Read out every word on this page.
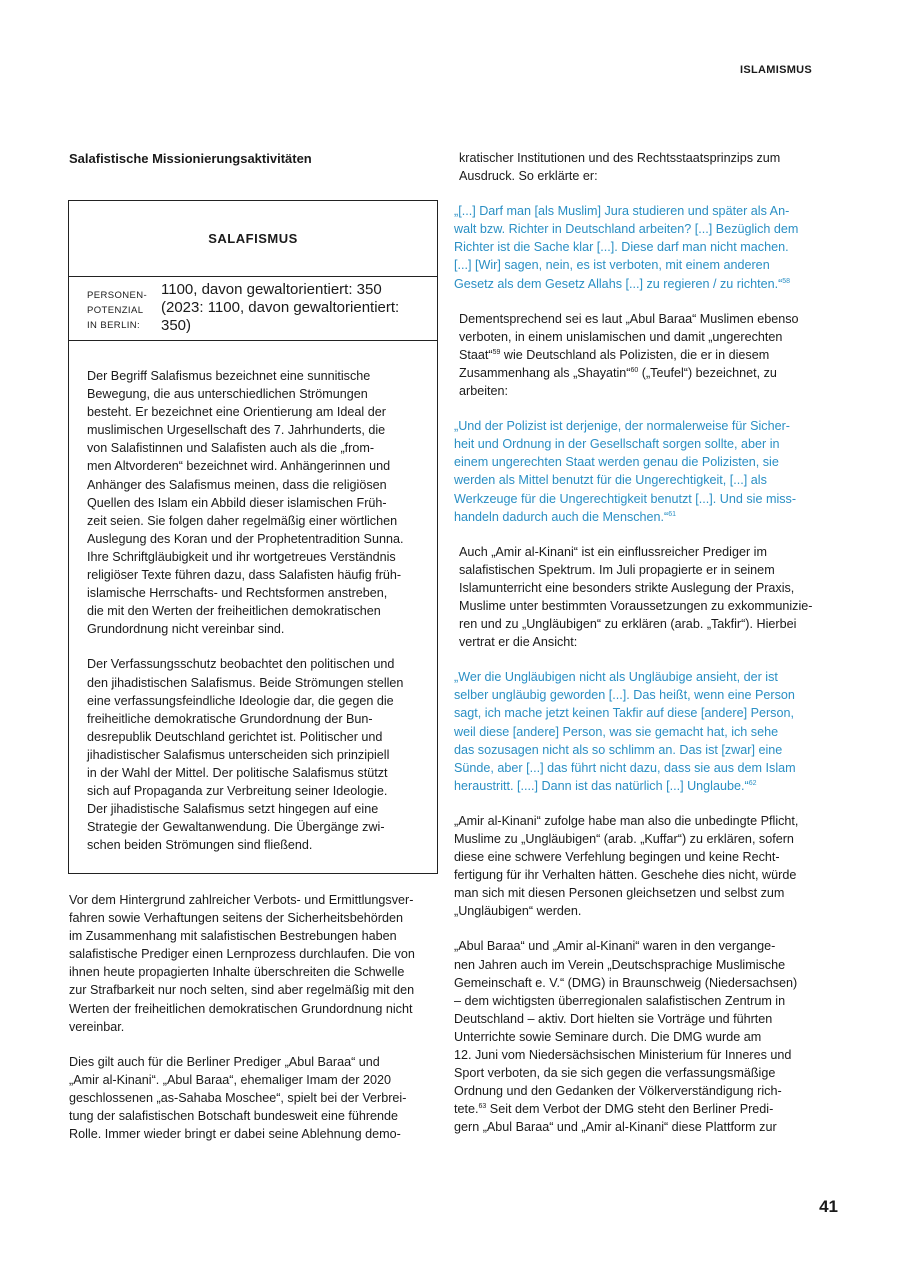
ISLAMISMUS
Salafistische Missionierungsaktivitäten
SALAFISMUS
PERSONEN-
POTENZIAL
IN BERLIN:
1100, davon gewaltorientiert: 350
(2023: 1100, davon gewaltorientiert:
350)

Der Begriff Salafismus bezeichnet eine sunnitische
Bewegung, die aus unterschiedlichen Strömungen
besteht. Er bezeichnet eine Orientierung am Ideal der
muslimischen Urgesellschaft des 7. Jahrhunderts, die
von Salafistinnen und Salafisten auch als die „from-
men Altvorderen“ bezeichnet wird. Anhängerinnen und
Anhänger des Salafismus meinen, dass die religiösen
Quellen des Islam ein Abbild dieser islamischen Früh-
zeit seien. Sie folgen daher regelmäßig einer wörtlichen
Auslegung des Koran und der Prophetentradition Sunna.
Ihre Schriftgläubigkeit und ihr wortgetreues Verständnis
religiöser Texte führen dazu, dass Salafisten häufig früh-
islamische Herrschafts- und Rechtsformen anstreben,
die mit den Werten der freiheitlichen demokratischen
Grundordnung nicht vereinbar sind.

Der Verfassungsschutz beobachtet den politischen und
den jihadistischen Salafismus. Beide Strömungen stellen
eine verfassungsfeindliche Ideologie dar, die gegen die
freiheitliche demokratische Grundordnung der Bun-
desrepublik Deutschland gerichtet ist. Politischer und
jihadistischer Salafismus unterscheiden sich prinzipiell
in der Wahl der Mittel. Der politische Salafismus stützt
sich auf Propaganda zur Verbreitung seiner Ideologie.
Der jihadistische Salafismus setzt hingegen auf eine
Strategie der Gewaltanwendung. Die Übergänge zwi-
schen beiden Strömungen sind fließend.

Vor dem Hintergrund zahlreicher Verbots- und Ermittlungsver-
fahren sowie Verhaftungen seitens der Sicherheitsbehörden
im Zusammenhang mit salafistischen Bestrebungen haben
salafistische Prediger einen Lernprozess durchlaufen. Die von
ihnen heute propagierten Inhalte überschreiten die Schwelle
zur Strafbarkeit nur noch selten, sind aber regelmäßig mit den
Werten der freiheitlichen demokratischen Grundordnung nicht
vereinbar.

Dies gilt auch für die Berliner Prediger „Abul Baraa“ und
„Amir al-Kinani“. „Abul Baraa“, ehemaliger Imam der 2020
geschlossenen „as-Sahaba Moschee“, spielt bei der Verbrei-
tung der salafistischen Botschaft bundesweit eine führende
Rolle. Immer wieder bringt er dabei seine Ablehnung demo-

kratischer Institutionen und des Rechtsstaatsprinzips zum
Ausdruck. So erklärte er:

„[...] Darf man [als Muslim] Jura studieren und später als An-
walt bzw. Richter in Deutschland arbeiten? [...] Bezüglich dem
Richter ist die Sache klar [...]. Diese darf man nicht machen.
[...] [Wir] sagen, nein, es ist verboten, mit einem anderen
Gesetz als dem Gesetz Allahs [...] zu regieren / zu richten.“$^{58}$

Dementsprechend sei es laut „Abul Baraa“ Muslimen ebenso
verboten, in einem unislamischen und damit „ungerechten
Staat“$^{59}$ wie Deutschland als Polizisten, die er in diesem
Zusammenhang als „Shayatin“$^{60}$ („Teufel“) bezeichnet, zu
arbeiten:

„Und der Polizist ist derjenige, der normalerweise für Sicher-
heit und Ordnung in der Gesellschaft sorgen sollte, aber in
einem ungerechten Staat werden genau die Polizisten, sie
werden als Mittel benutzt für die Ungerechtigkeit, [...] als
Werkzeuge für die Ungerechtigkeit benutzt [...]. Und sie miss-
handeln dadurch auch die Menschen.“$^{61}$

Auch „Amir al-Kinani“ ist ein einflussreicher Prediger im
salafistischen Spektrum. Im Juli propagierte er in seinem
Islamunterricht eine besonders strikte Auslegung der Praxis,
Muslime unter bestimmten Voraussetzungen zu exkommunizie-
ren und zu „Ungläubigen“ zu erklären (arab. „Takfir“). Hierbei
vertrat er die Ansicht:

„Wer die Ungläubigen nicht als Ungläubige ansieht, der ist
selber ungläubig geworden [...]. Das heißt, wenn eine Person
sagt, ich mache jetzt keinen Takfir auf diese [andere] Person,
weil diese [andere] Person, was sie gemacht hat, ich sehe
das sozusagen nicht als so schlimm an. Das ist [zwar] eine
Sünde, aber [...] das führt nicht dazu, dass sie aus dem Islam
heraustritt. [....] Dann ist das natürlich [...] Unglaube.“$^{62}$

„Amir al-Kinani“ zufolge habe man also die unbedingte Pflicht,
Muslime zu „Ungläubigen“ (arab. „Kuffar“) zu erklären, sofern
diese eine schwere Verfehlung begingen und keine Recht-
fertigung für ihr Verhalten hätten. Geschehe dies nicht, würde
man sich mit diesen Personen gleichsetzen und selbst zum
„Ungläubigen“ werden.

„Abul Baraa“ und „Amir al-Kinani“ waren in den vergange-
nen Jahren auch im Verein „Deutschsprachige Muslimische
Gemeinschaft e. V.“ (DMG) in Braunschweig (Niedersachsen)
– dem wichtigsten überregionalen salafistischen Zentrum in
Deutschland – aktiv. Dort hielten sie Vorträge und führten
Unterrichte sowie Seminare durch. Die DMG wurde am
12. Juni vom Niedersächsischen Ministerium für Inneres und
Sport verboten, da sie sich gegen die verfassungsmäßige
Ordnung und den Gedanken der Völkerverständigung rich-
tete.$^{63}$ Seit dem Verbot der DMG steht den Berliner Predi-
gern „Abul Baraa“ und „Amir al-Kinani“ diese Plattform zur

41
